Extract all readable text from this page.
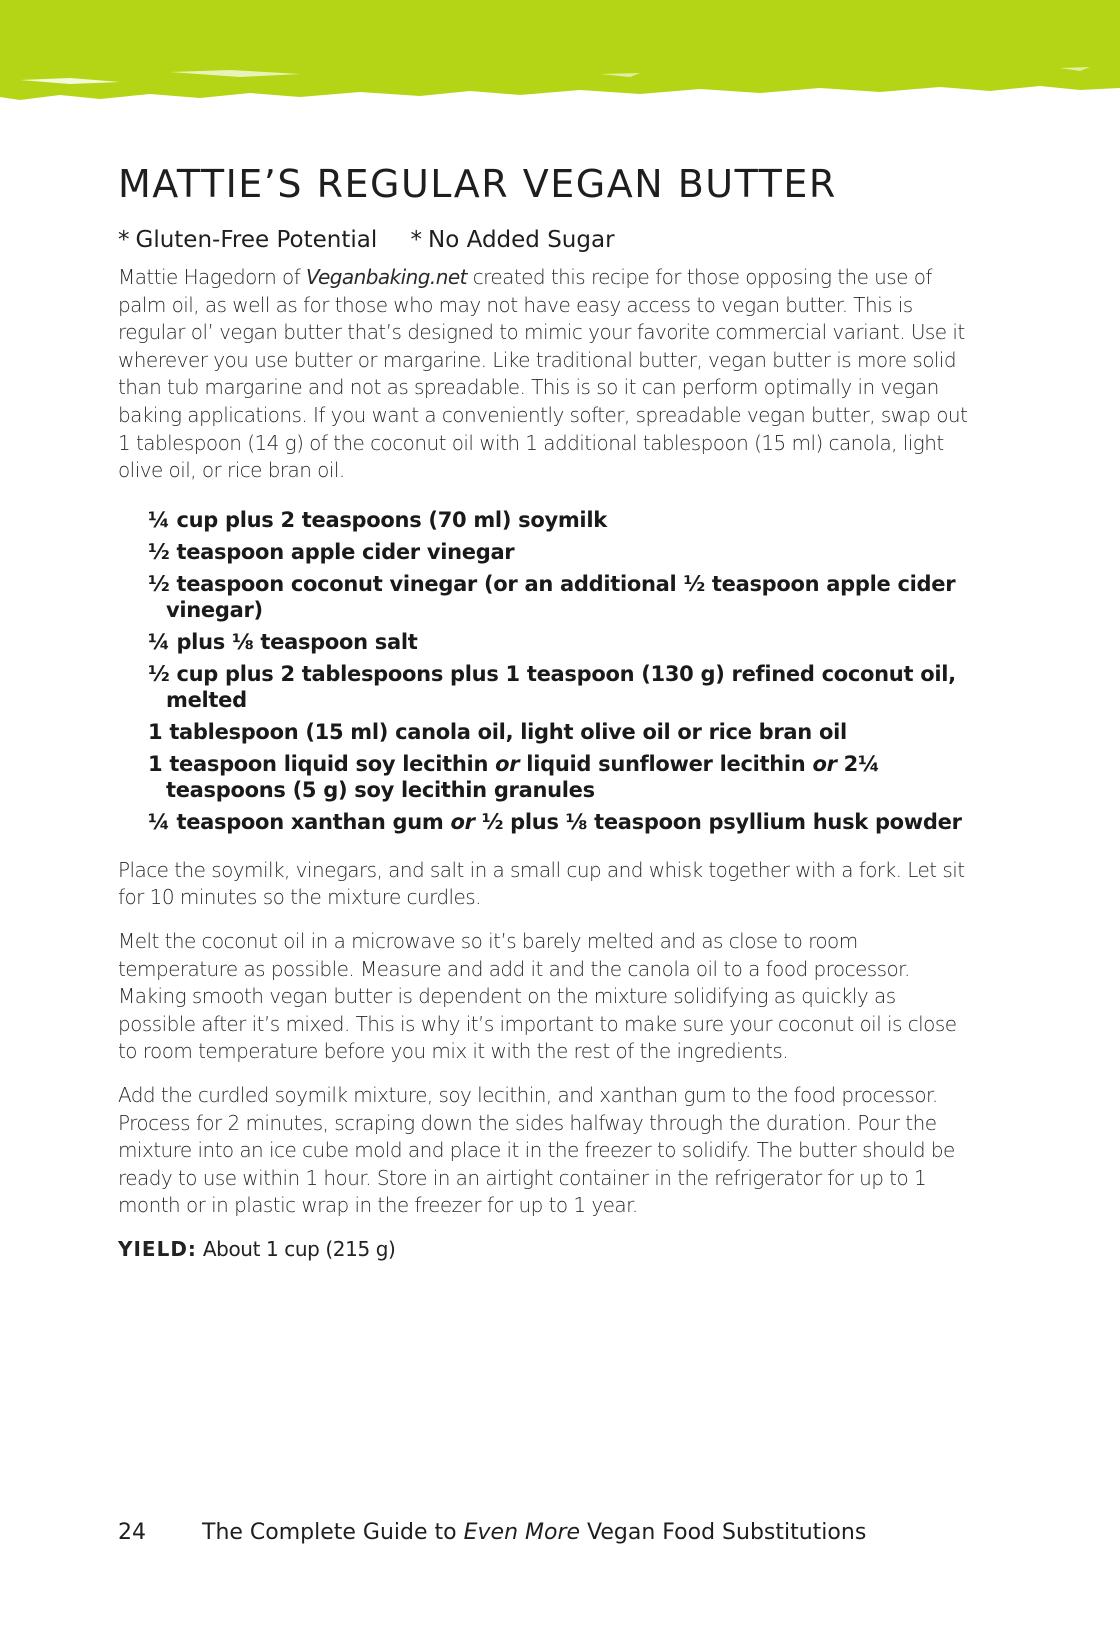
MATTIE’S REGULAR VEGAN BUTTER
* Gluten-Free Potential * No Added Sugar

Mattie Hagedorn of Veganbaking.net created this recipe for those opposing the use of palm oil, as well as for those who may not have easy access to vegan butter. This is regular ol’ vegan butter that’s designed to mimic your favorite commercial variant. Use it wherever you use butter or margarine. Like traditional butter, vegan butter is more solid than tub margarine and not as spreadable. This is so it can perform optimally in vegan baking applications. If you want a conveniently softer, spreadable vegan butter, swap out 1 tablespoon (14 g) of the coconut oil with 1 additional tablespoon (15 ml) canola, light olive oil, or rice bran oil.

¼ cup plus 2 teaspoons (70 ml) soymilk
½ teaspoon apple cider vinegar
½ teaspoon coconut vinegar (or an additional ½ teaspoon apple cider vinegar)
¼ plus ⅛ teaspoon salt
½ cup plus 2 tablespoons plus 1 teaspoon (130 g) refined coconut oil, melted
1 tablespoon (15 ml) canola oil, light olive oil or rice bran oil
1 teaspoon liquid soy lecithin or liquid sunflower lecithin or 2¼ teaspoons (5 g) soy lecithin granules
¼ teaspoon xanthan gum or ½ plus ⅛ teaspoon psyllium husk powder

Place the soymilk, vinegars, and salt in a small cup and whisk together with a fork. Let sit for 10 minutes so the mixture curdles.

Melt the coconut oil in a microwave so it’s barely melted and as close to room temperature as possible. Measure and add it and the canola oil to a food processor. Making smooth vegan butter is dependent on the mixture solidifying as quickly as possible after it’s mixed. This is why it’s important to make sure your coconut oil is close to room temperature before you mix it with the rest of the ingredients.

Add the curdled soymilk mixture, soy lecithin, and xanthan gum to the food processor. Process for 2 minutes, scraping down the sides halfway through the duration. Pour the mixture into an ice cube mold and place it in the freezer to solidify. The butter should be ready to use within 1 hour. Store in an airtight container in the refrigerator for up to 1 month or in plastic wrap in the freezer for up to 1 year.

YIELD: About 1 cup (215 g)

24	The Complete Guide to Even More Vegan Food Substitutions
